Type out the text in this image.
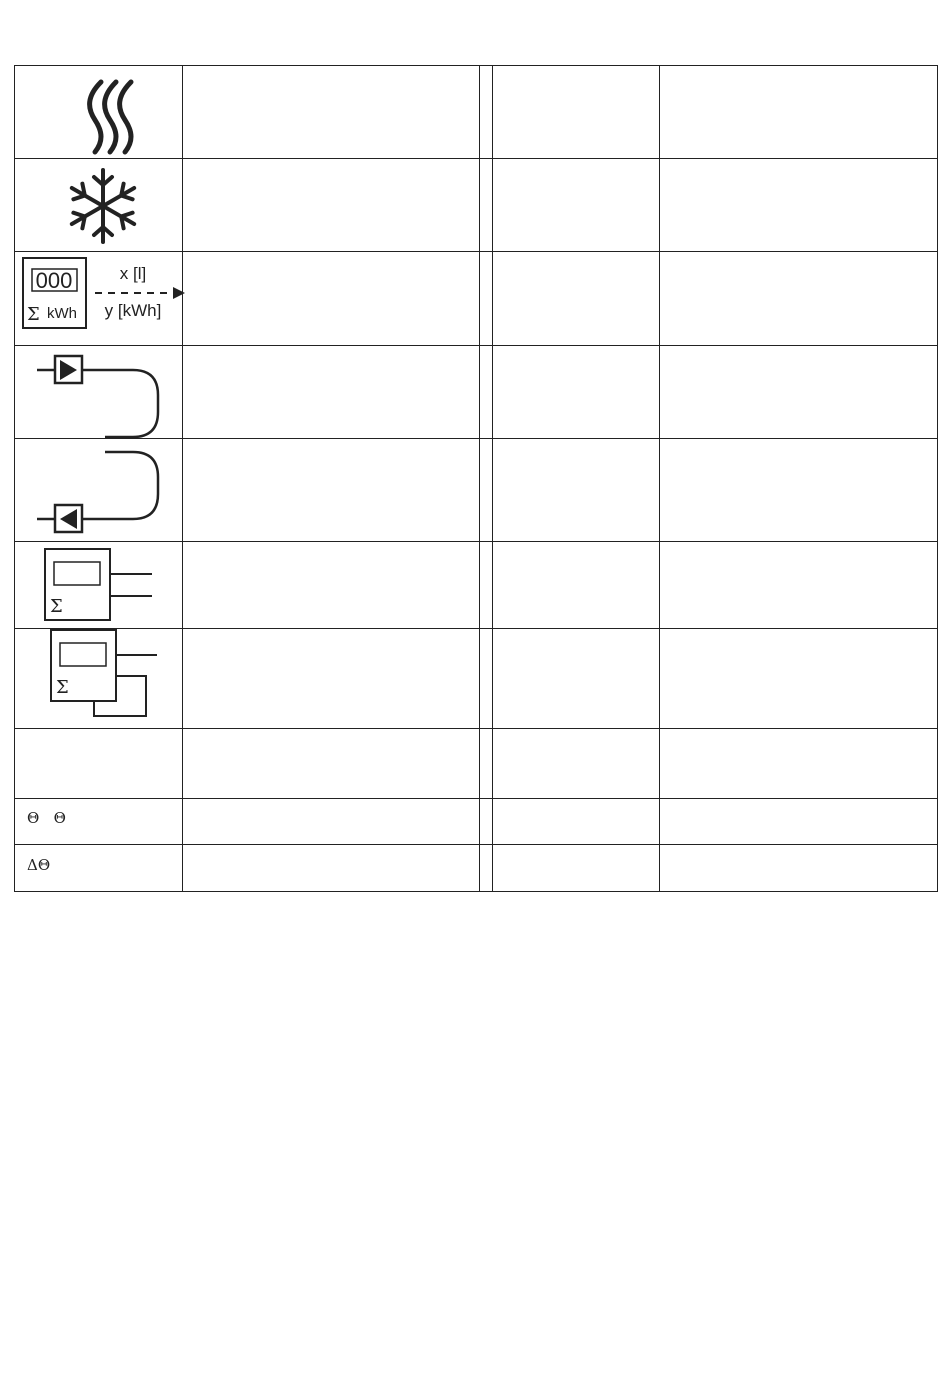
000
Σ kWh
x [l]
y [kWh]				

Σ				

Σ				

Θ   Θ				

ΔΘ				
